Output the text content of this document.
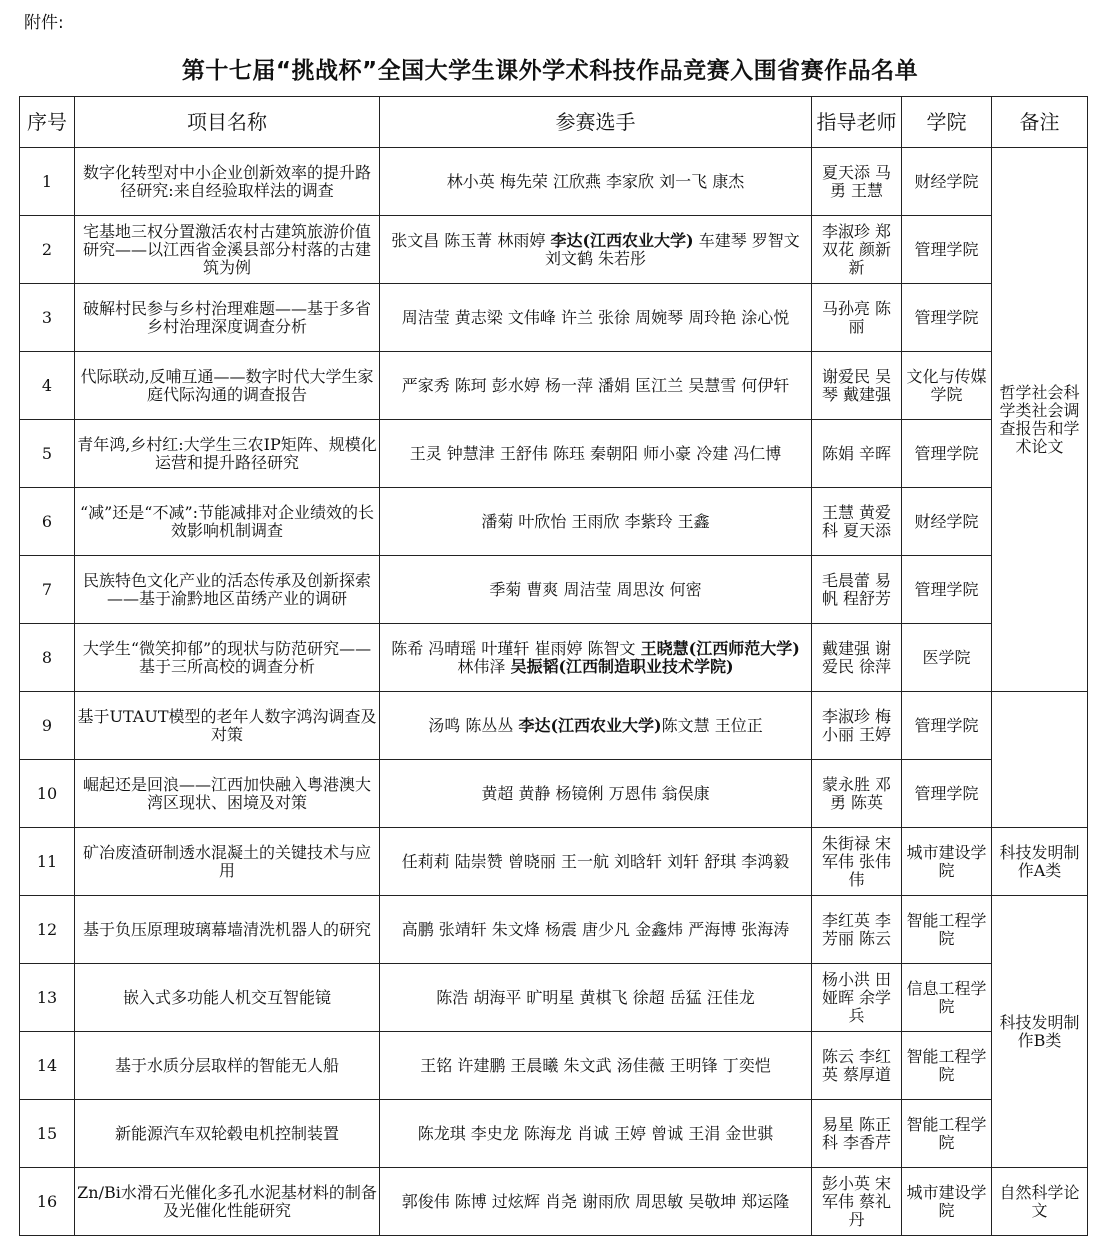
附件:
第十七届“挑战杯”全国大学生课外学术科技作品竞赛入围省赛作品名单
序号	项目名称	参赛选手	指导老师	学院	备注
1	数字化转型对中小企业创新效率的提升路径研究:来自经验取样法的调查	林小英 梅先荣 江欣燕 李家欣 刘一飞 康杰	夏天添 马勇 王慧	财经学院	哲学社会科学类社会调查报告和学术论文
2	宅基地三权分置激活农村古建筑旅游价值研究——以江西省金溪县部分村落的古建筑为例	张文昌 陈玉菁 林雨婷 李达(江西农业大学) 车建琴 罗智文 刘文鹤 朱若彤	李淑珍 郑双花 颜新新	管理学院	
3	破解村民参与乡村治理难题——基于多省乡村治理深度调查分析	周洁莹 黄志梁 文伟峰 许兰 张徐 周婉琴 周玲艳 涂心悦	马孙亮 陈丽	管理学院	
4	代际联动,反哺互通——数字时代大学生家庭代际沟通的调查报告	严家秀 陈珂 彭水婷 杨一萍 潘娟 匡江兰 吴慧雪 何伊轩	谢爱民 吴琴 戴建强	文化与传媒学院	
5	青年鸿,乡村红:大学生三农IP矩阵、规模化运营和提升路径研究	王灵 钟慧津 王舒伟 陈珏 秦朝阳 师小豪 冷建 冯仁博	陈娟 辛晖	管理学院	
6	“减”还是“不减”:节能减排对企业绩效的长效影响机制调查	潘菊 叶欣怡 王雨欣 李紫玲 王鑫	王慧 黄爱科 夏天添	财经学院	
7	民族特色文化产业的活态传承及创新探索——基于渝黔地区苗绣产业的调研	季菊 曹爽 周洁莹 周思汝 何密	毛晨蕾 易帆 程舒芳	管理学院	
8	大学生“微笑抑郁”的现状与防范研究——基于三所高校的调查分析	陈希 冯晴瑶 叶瑾轩 崔雨婷 陈智文 王晓慧(江西师范大学) 林伟泽 吴振韬(江西制造职业技术学院)	戴建强 谢爱民 徐萍	医学院	
9	基于UTAUT模型的老年人数字鸿沟调查及对策	汤鸣 陈丛丛 李达(江西农业大学)陈文慧 王位正	李淑珍 梅小丽 王婷	管理学院	
10	崛起还是回浪——江西加快融入粤港澳大湾区现状、困境及对策	黄超 黄静 杨镜俐 万恩伟 翁俣康	蒙永胜 邓勇 陈英	管理学院	
11	矿冶废渣研制透水混凝土的关键技术与应用	任莉莉 陆崇赞 曾晓丽 王一航 刘晗轩 刘轩 舒琪 李鸿毅	朱街禄 宋军伟 张伟伟	城市建设学院	科技发明制作A类
12	基于负压原理玻璃幕墙清洗机器人的研究	高鹏 张靖轩 朱文烽 杨震 唐少凡 金鑫炜 严海博 张海涛	李红英 李芳丽 陈云	智能工程学院	科技发明制作B类
13	嵌入式多功能人机交互智能镜	陈浩 胡海平 旷明星 黄棋飞 徐超 岳猛 汪佳龙	杨小洪 田娅晖 余学兵	信息工程学院	
14	基于水质分层取样的智能无人船	王铭 许建鹏 王晨曦 朱文武 汤佳薇 王明锋 丁奕恺	陈云 李红英 蔡厚道	智能工程学院	
15	新能源汽车双轮毂电机控制装置	陈龙琪 李史龙 陈海龙 肖诚 王婷 曾诚 王涓 金世骐	易星 陈正科 李香芹	智能工程学院	
16	Zn/Bi水滑石光催化多孔水泥基材料的制备及光催化性能研究	郭俊伟 陈博 过炫辉 肖尧 谢雨欣 周思敏 吴敬坤 郑运隆	彭小英 宋军伟 蔡礼丹	城市建设学院	自然科学论文
